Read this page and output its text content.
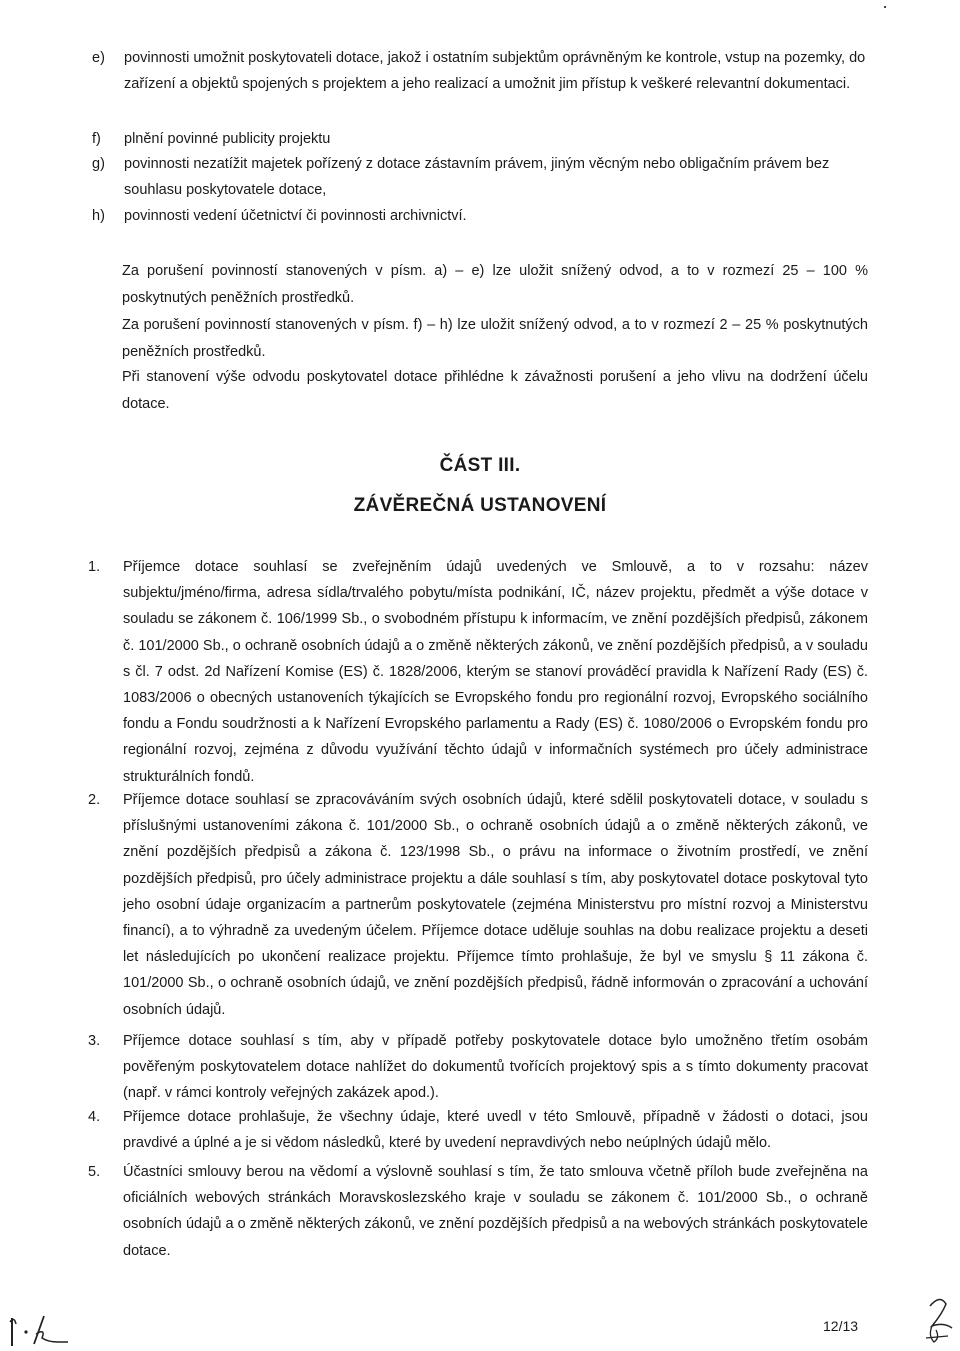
e)	povinnosti umožnit poskytovateli dotace, jakož i ostatním subjektům oprávněným ke kontrole, vstup na pozemky, do zařízení a objektů spojených s projektem a jeho realizací a umožnit jim přístup k veškeré relevantní dokumentaci.
f)	plnění povinné publicity projektu
g)	povinnosti nezatížit majetek pořízený z dotace zástavním právem, jiným věcným nebo obligačním právem bez souhlasu poskytovatele dotace,
h)	povinnosti vedení účetnictví či povinnosti archivnictví.
Za porušení povinností stanovených v písm. a) – e) lze uložit snížený odvod, a to v rozmezí 25 – 100 % poskytnutých peněžních prostředků.
Za porušení povinností stanovených v písm. f) – h) lze uložit snížený odvod, a to v rozmezí 2 – 25 % poskytnutých peněžních prostředků.
Při stanovení výše odvodu poskytovatel dotace přihlédne k závažnosti porušení a jeho vlivu na dodržení účelu dotace.
ČÁST III.
ZÁVĚREČNÁ USTANOVENÍ
1. Příjemce dotace souhlasí se zveřejněním údajů uvedených ve Smlouvě, a to v rozsahu: název subjektu/jméno/firma, adresa sídla/trvalého pobytu/místa podnikání, IČ, název projektu, předmět a výše dotace v souladu se zákonem č. 106/1999 Sb., o svobodném přístupu k informacím, ve znění pozdějších předpisů, zákonem č. 101/2000 Sb., o ochraně osobních údajů a o změně některých zákonů, ve znění pozdějších předpisů, a v souladu s čl. 7 odst. 2d Nařízení Komise (ES) č. 1828/2006, kterým se stanoví prováděcí pravidla k Nařízení Rady (ES) č. 1083/2006 o obecných ustanoveních týkajících se Evropského fondu pro regionální rozvoj, Evropského sociálního fondu a Fondu soudržnosti a k Nařízení Evropského parlamentu a Rady (ES) č. 1080/2006 o Evropském fondu pro regionální rozvoj, zejména z důvodu využívání těchto údajů v informačních systémech pro účely administrace strukturálních fondů.
2. Příjemce dotace souhlasí se zpracováváním svých osobních údajů, které sdělil poskytovateli dotace, v souladu s příslušnými ustanoveními zákona č. 101/2000 Sb., o ochraně osobních údajů a o změně některých zákonů, ve znění pozdějších předpisů a zákona č. 123/1998 Sb., o právu na informace o životním prostředí, ve znění pozdějších předpisů, pro účely administrace projektu a dále souhlasí s tím, aby poskytovatel dotace poskytoval tyto jeho osobní údaje organizacím a partnerům poskytovatele (zejména Ministerstvu pro místní rozvoj a Ministerstvu financí), a to výhradně za uvedeným účelem. Příjemce dotace uděluje souhlas na dobu realizace projektu a deseti let následujících po ukončení realizace projektu. Příjemce tímto prohlašuje, že byl ve smyslu § 11 zákona č. 101/2000 Sb., o ochraně osobních údajů, ve znění pozdějších předpisů, řádně informován o zpracování a uchování osobních údajů.
3. Příjemce dotace souhlasí s tím, aby v případě potřeby poskytovatele dotace bylo umožněno třetím osobám pověřeným poskytovatelem dotace nahlížet do dokumentů tvořících projektový spis a s tímto dokumenty pracovat (např. v rámci kontroly veřejných zakázek apod.).
4. Příjemce dotace prohlašuje, že všechny údaje, které uvedl v této Smlouvě, případně v žádosti o dotaci, jsou pravdivé a úplné a je si vědom následků, které by uvedení nepravdivých nebo neúplných údajů mělo.
5. Účastníci smlouvy berou na vědomí a výslovně souhlasí s tím, že tato smlouva včetně příloh bude zveřejněna na oficiálních webových stránkách Moravskoslezského kraje v souladu se zákonem č. 101/2000 Sb., o ochraně osobních údajů a o změně některých zákonů, ve znění pozdějších předpisů a na webových stránkách poskytovatele dotace.
12/13
